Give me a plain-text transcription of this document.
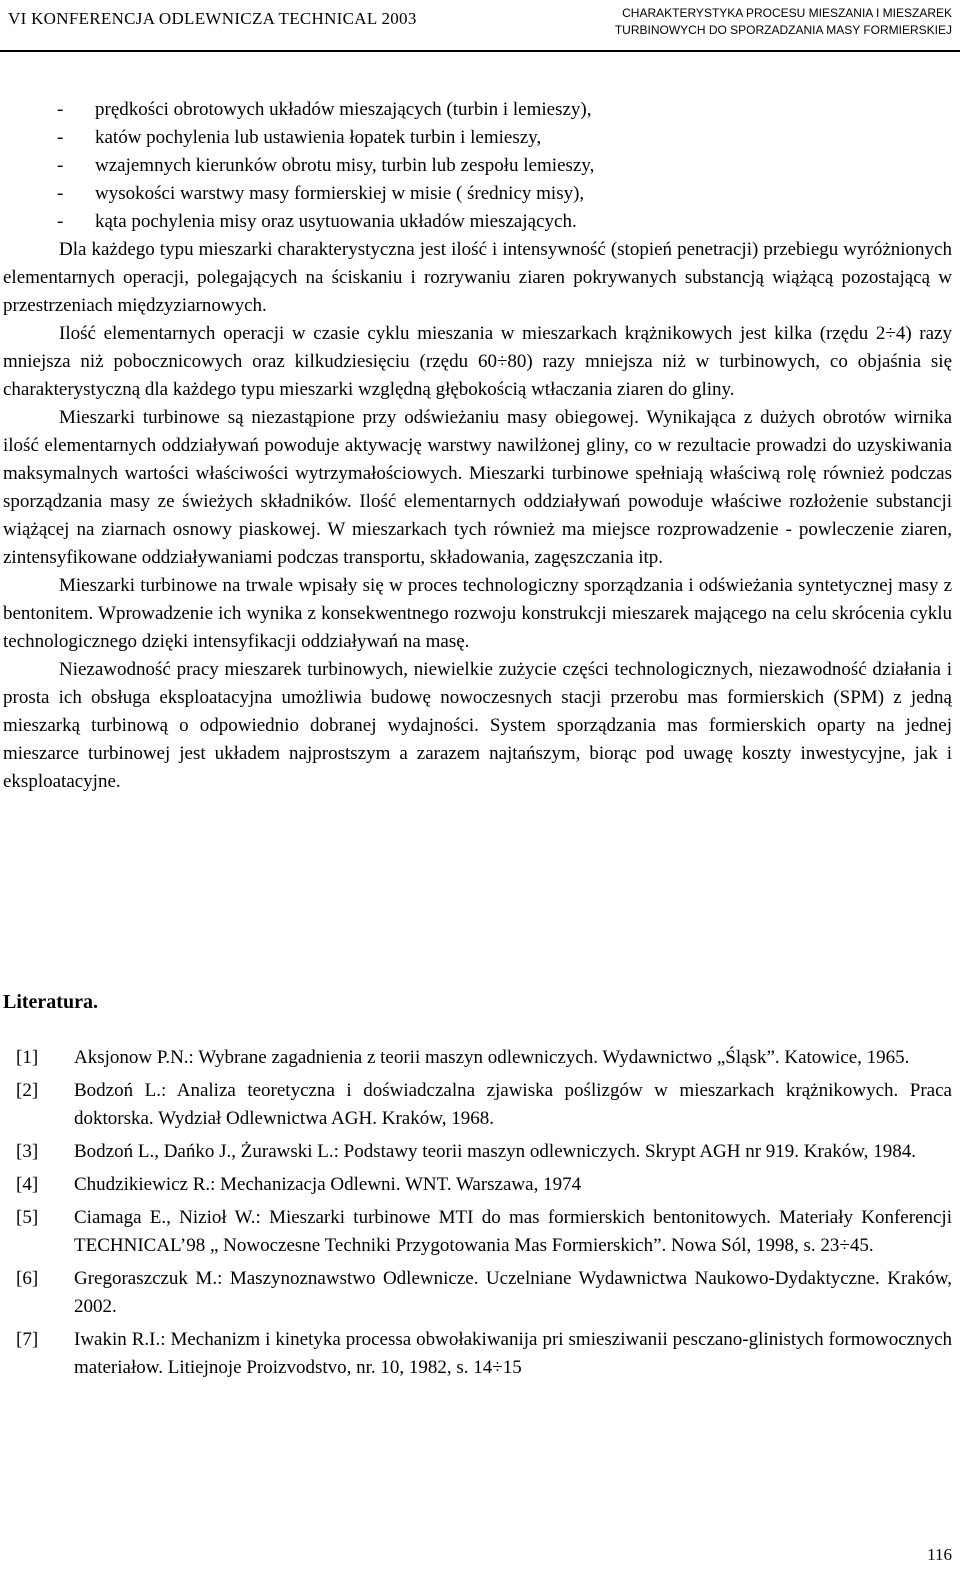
VI KONFERENCJA ODLEWNICZA TECHNICAL 2003	CHARAKTERYSTYKA PROCESU MIESZANIA I MIESZAREK
TURBINOWYCH DO SPORZADZANIA MASY FORMIERSKIEJ
- prędkości obrotowych układów mieszających (turbin i lemieszy),
- katów pochylenia lub ustawienia łopatek turbin i lemieszy,
- wzajemnych kierunków obrotu misy, turbin lub zespołu lemieszy,
- wysokości warstwy masy formierskiej w misie ( średnicy misy),
- kąta pochylenia misy oraz usytuowania układów mieszających.

Dla każdego typu mieszarki charakterystyczna jest ilość i intensywność (stopień penetracji) przebiegu wyróżnionych elementarnych operacji, polegających na ściskaniu i rozrywaniu ziaren pokrywanych substancją wiążącą pozostającą w przestrzeniach międzyziarnowych.

Ilość elementarnych operacji w czasie cyklu mieszania w mieszarkach krążnikowych jest kilka (rzędu 2÷4) razy mniejsza niż pobocznicowych oraz kilkudziesięciu (rzędu 60÷80) razy mniejsza niż w turbinowych, co objaśnia się charakterystyczną dla każdego typu mieszarki względną głębokością wtłaczania ziaren do gliny.

Mieszarki turbinowe są niezastąpione przy odświeżaniu masy obiegowej. Wynikająca z dużych obrotów wirnika ilość elementarnych oddziaływań powoduje aktywację warstwy nawilżonej gliny, co w rezultacie prowadzi do uzyskiwania maksymalnych wartości właściwości wytrzymałościowych. Mieszarki turbinowe spełniają właściwą rolę również podczas sporządzania masy ze świeżych składników. Ilość elementarnych oddziaływań powoduje właściwe rozłożenie substancji wiążącej na ziarnach osnowy piaskowej. W mieszarkach tych również ma miejsce rozprowadzenie - powleczenie ziaren, zintensyfikowane oddziaływaniami podczas transportu, składowania, zagęszczania itp.

Mieszarki turbinowe na trwale wpisały się w proces technologiczny sporządzania i odświeżania syntetycznej masy z bentonitem. Wprowadzenie ich wynika z konsekwentnego rozwoju konstrukcji mieszarek mającego na celu skrócenia cyklu technologicznego dzięki intensyfikacji oddziaływań na masę.

Niezawodność pracy mieszarek turbinowych, niewielkie zużycie części technologicznych, niezawodność działania i prosta ich obsługa eksploatacyjna umożliwia budowę nowoczesnych stacji przerobu mas formierskich (SPM) z jedną mieszarką turbinową o odpowiednio dobranej wydajności. System sporządzania mas formierskich oparty na jednej mieszarce turbinowej jest układem najprostszym a zarazem najtańszym, biorąc pod uwagę koszty inwestycyjne, jak i eksploatacyjne.

Literatura.
[1] Aksjonow P.N.: Wybrane zagadnienia z teorii maszyn odlewniczych. Wydawnictwo „Śląsk”. Katowice, 1965.
[2] Bodzoń L.: Analiza teoretyczna i doświadczalna zjawiska poślizgów w mieszarkach krążnikowych. Praca doktorska. Wydział Odlewnictwa AGH. Kraków, 1968.
[3] Bodzoń L., Dańko J., Żurawski L.: Podstawy teorii maszyn odlewniczych. Skrypt AGH nr 919. Kraków, 1984.
[4] Chudzikiewicz R.: Mechanizacja Odlewni. WNT. Warszawa, 1974
[5] Ciamaga E., Nizioł W.: Mieszarki turbinowe MTI do mas formierskich bentonitowych. Materiały Konferencji TECHNICAL’98 „ Nowoczesne Techniki Przygotowania Mas Formierskich”. Nowa Sól, 1998, s. 23÷45.
[6] Gregoraszczuk M.: Maszynoznawstwo Odlewnicze. Uczelniane Wydawnictwa Naukowo-Dydaktyczne. Kraków, 2002.
[7] Iwakin R.I.: Mechanizm i kinetyka processa obwołakiwanija pri smieszіwanii pesczano-glinistych formowocznych materiałow. Litiejnoje Proizvodstvo, nr. 10, 1982, s. 14÷15
116
